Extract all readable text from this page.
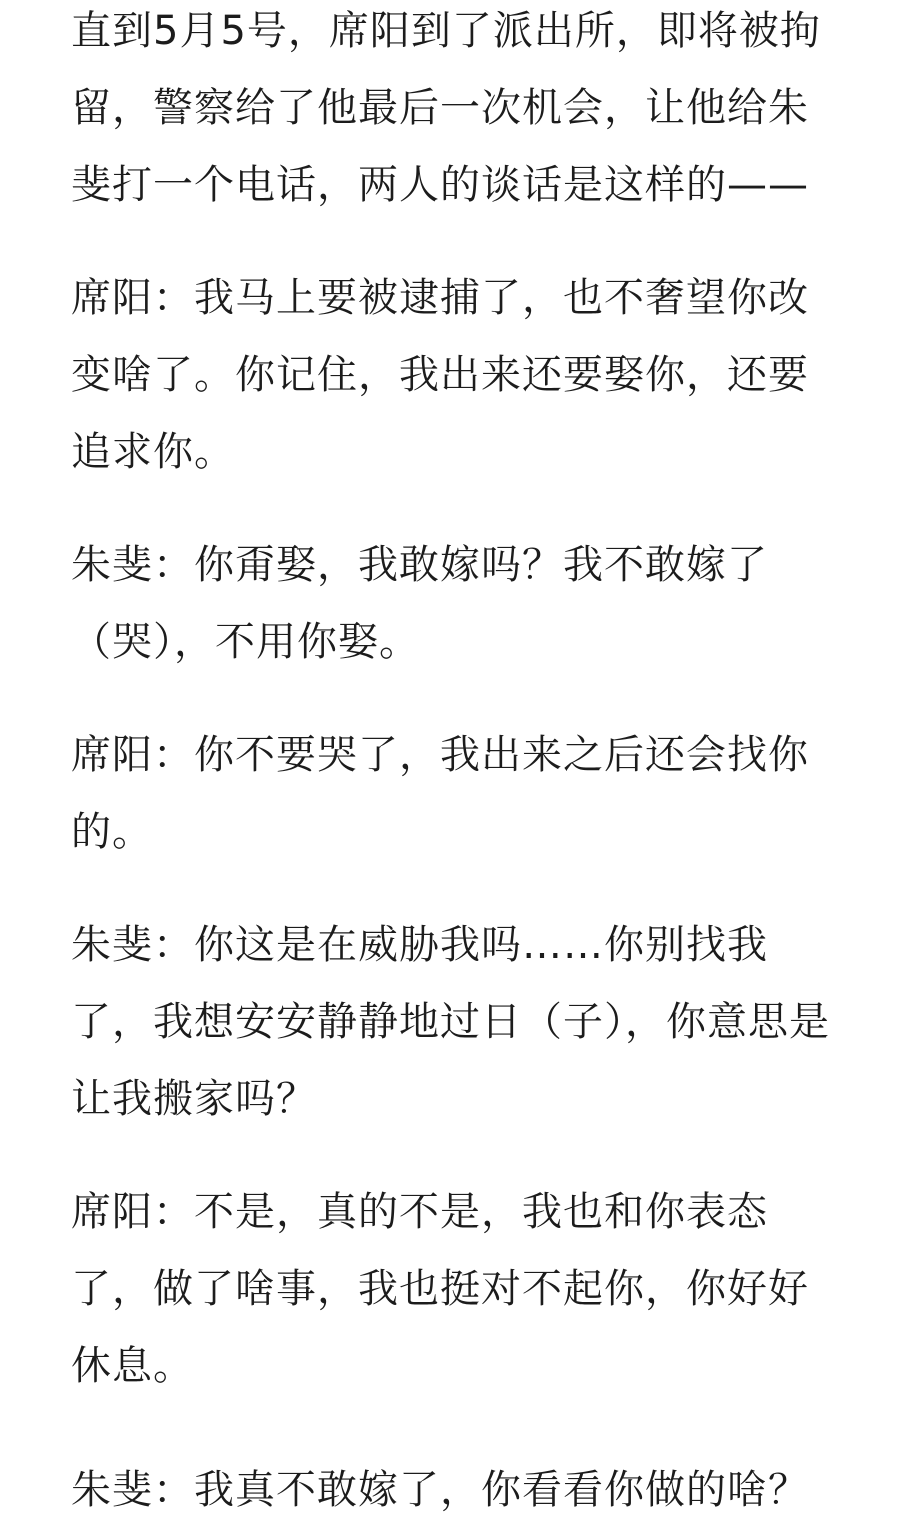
直到5月5号，席阳到了派出所，即将被拘留，警察给了他最后一次机会，让他给朱斐打一个电话，两人的谈话是这样的——

席阳：我马上要被逮捕了，也不奢望你改变啥了。你记住，我出来还要娶你，还要追求你。

朱斐：你甭娶，我敢嫁吗？我不敢嫁了（哭），不用你娶。

席阳：你不要哭了，我出来之后还会找你的。

朱斐：你这是在威胁我吗……你别找我了，我想安安静静地过日（子），你意思是让我搬家吗？

席阳：不是，真的不是，我也和你表态了，做了啥事，我也挺对不起你，你好好休息。

朱斐：我真不敢嫁了，你看看你做的啥？
